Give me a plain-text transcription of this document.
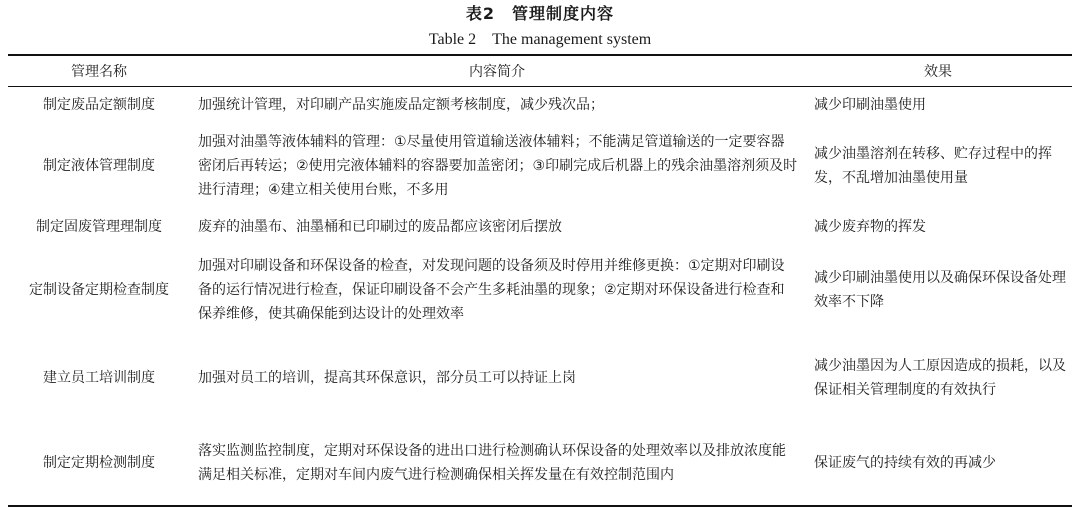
表2　管理制度内容
Table 2　The management system
管理名称	内容简介	效果
制定废品定额制度	加强统计管理，对印刷产品实施废品定额考核制度，减少残次品；	减少印刷油墨使用
制定液体管理制度	加强对油墨等液体辅料的管理：①尽量使用管道输送液体辅料；不能满足管道输送的一定要容器密闭后再转运；②使用完液体辅料的容器要加盖密闭；③印刷完成后机器上的残余油墨溶剂须及时进行清理；④建立相关使用台账，不多用	减少油墨溶剂在转移、贮存过程中的挥发，不乱增加油墨使用量
制定固废管理理制度	废弃的油墨布、油墨桶和已印刷过的废品都应该密闭后摆放	减少废弃物的挥发
定制设备定期检查制度	加强对印刷设备和环保设备的检查，对发现问题的设备须及时停用并维修更换：①定期对印刷设备的运行情况进行检查，保证印刷设备不会产生多耗油墨的现象；②定期对环保设备进行检查和保养维修，使其确保能到达设计的处理效率	减少印刷油墨使用以及确保环保设备处理效率不下降
建立员工培训制度	加强对员工的培训，提高其环保意识，部分员工可以持证上岗	减少油墨因为人工原因造成的损耗，以及保证相关管理制度的有效执行
制定定期检测制度	落实监测监控制度，定期对环保设备的进出口进行检测确认环保设备的处理效率以及排放浓度能满足相关标准，定期对车间内废气进行检测确保相关挥发量在有效控制范围内	保证废气的持续有效的再减少
